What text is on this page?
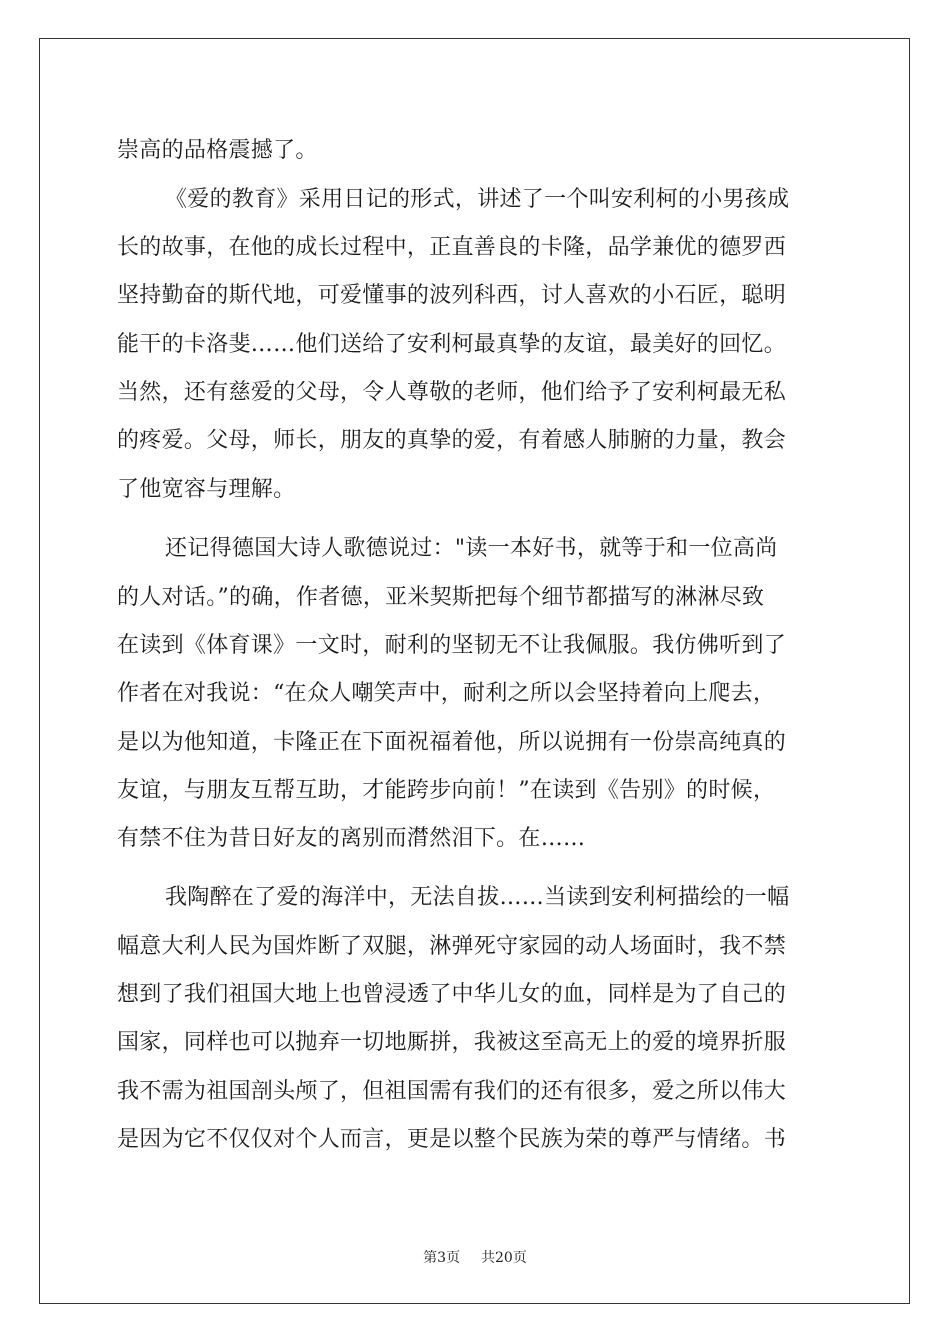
崇高的品格震撼了。
《爱的教育》采用日记的形式，讲述了一个叫安利柯的小男孩成
长的故事，在他的成长过程中，正直善良的卡隆，品学兼优的德罗西
坚持勤奋的斯代地，可爱懂事的波列科西，讨人喜欢的小石匠，聪明
能干的卡洛斐……他们送给了安利柯最真挚的友谊，最美好的回忆。
当然，还有慈爱的父母，令人尊敬的老师，他们给予了安利柯最无私
的疼爱。父母，师长，朋友的真挚的爱，有着感人肺腑的力量，教会
了他宽容与理解。
还记得德国大诗人歌德说过："读一本好书，就等于和一位高尚
的人对话。”的确，作者德，亚米契斯把每个细节都描写的淋淋尽致
在读到《体育课》一文时，耐利的坚韧无不让我佩服。我仿佛听到了
作者在对我说：“在众人嘲笑声中，耐利之所以会坚持着向上爬去，
是以为他知道，卡隆正在下面祝福着他，所以说拥有一份崇高纯真的
友谊，与朋友互帮互助，才能跨步向前！”在读到《告别》的时候，
有禁不住为昔日好友的离别而潸然泪下。在……
我陶醉在了爱的海洋中，无法自拔……当读到安利柯描绘的一幅
幅意大利人民为国炸断了双腿，淋弹死守家园的动人场面时，我不禁
想到了我们祖国大地上也曾浸透了中华儿女的血，同样是为了自己的
国家，同样也可以抛弃一切地厮拼，我被这至高无上的爱的境界折服
我不需为祖国剖头颅了，但祖国需有我们的还有很多，爱之所以伟大
是因为它不仅仅对个人而言，更是以整个民族为荣的尊严与情绪。书
第3页 共20页
